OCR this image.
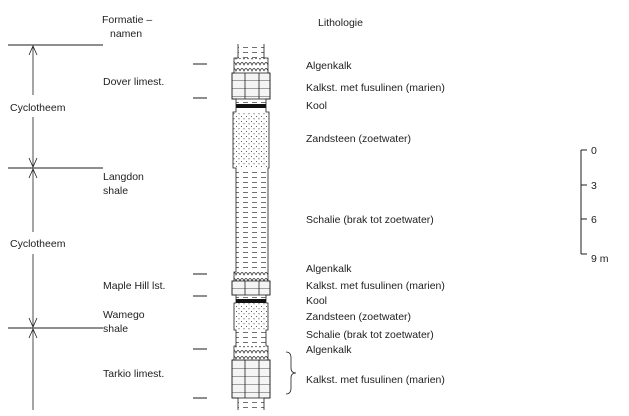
Formatie –
namen
Lithologie
Cyclotheem
Cyclotheem
Dover limest.
Langdon
shale
Maple Hill lst.
Wamego
shale
Tarkio limest.
Algenkalk
Kalkst. met fusulinen (marien)
Kool
Zandsteen (zoetwater)
Schalie (brak tot zoetwater)
Algenkalk
Kalkst. met fusulinen (marien)
Kool
Zandsteen (zoetwater)
Schalie (brak tot zoetwater)
Algenkalk
Kalkst. met fusulinen (marien)
0
3
6
9 m
